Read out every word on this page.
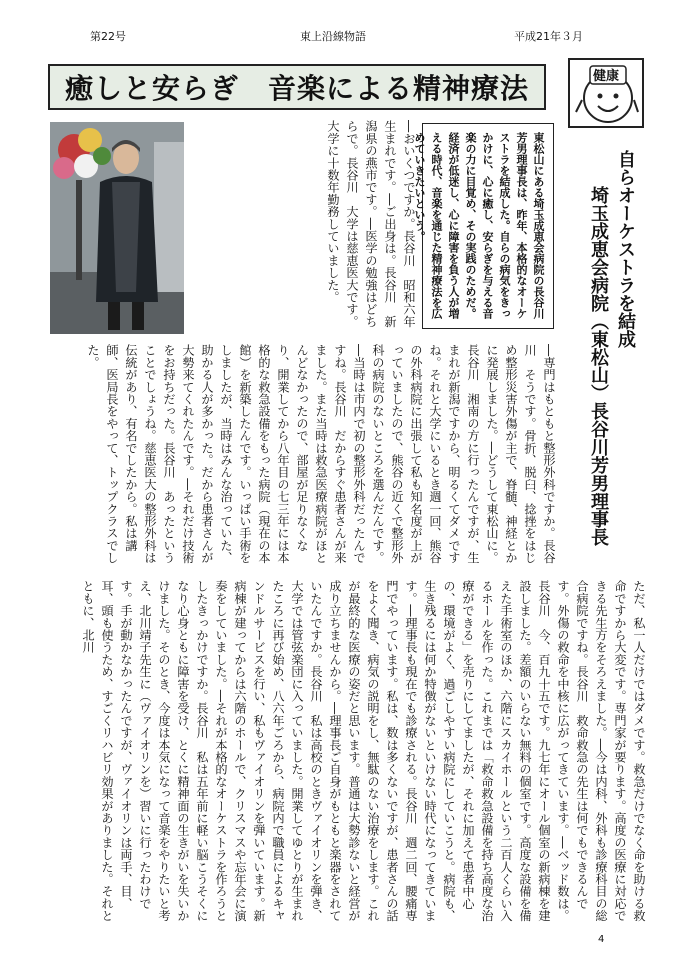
第22号	東上沿線物語	平成21年３月
癒しと安らぎ　音楽による精神療法	健康
自らオーケストラを結成
埼玉成恵会病院（東松山）長谷川芳男理事長
東松山にある埼玉成恵会病院の長谷川芳男理事長は、昨年、本格的なオーケストラを結成した。自らの病気をきっかけに、心に癒し、安らぎを与える音楽の力に目覚め、その実践のためだ。経済が低迷し、心に障害を負う人が増える時代、音楽を通じた精神療法を広めていきたいという。
―おいくつですか。長谷川　昭和六年生まれです。―ご出身は。長谷川　新潟県の燕市です。―医学の勉強はどちらで。長谷川　大学は慈恵医大です。大学に十数年勤務していました。
―専門はもともと整形外科ですか。長谷川　そうです。骨折、脱臼、捻挫をはじめ整形災害外傷が主で、脊髄、神経とかに発展しました。―どうして東松山に。長谷川　湘南の方に行ったんですが、生まれが新潟ですから、明るくてダメですね。それと大学にいるとき週一回、熊谷の外科病院に出張して私も知名度が上がっていましたので、熊谷の近くで整形外科の病院のないところを選んだんです。―当時は市内で初の整形外科だったんですね。長谷川　だからすぐ患者さんが来ました。また当時は救急医療病院がほとんどなかったので、部屋が足りなくなり、開業してから八年目の七三年には本格的な救急設備をもった病院（現在の本館）を新築したんです。いっぱい手術をしましたが、当時はみんな治っていた、助かる人が多かった。だから患者さんが大勢来てくれたんです。―それだけ技術をお持ちだった。長谷川　あったということでしょうね。慈恵医大の整形外科は伝統があり、有名でしたから。私は講師、医局長をやって、トップクラスでした。
ただ、私一人だけではダメです。救急だけでなく命を助ける救命ですから大変です。専門家が要ります。高度の医療に対応できる先生方をそろえました。―今は内科、外科も診療科目の総合病院ですね。長谷川　救命救急の先生は何でもできるんです。外傷の救命を中核に広がってきています。―ベッド数は。長谷川　今、百九十五です。九七年にオール個室の新病棟を建設しました。差額のいらない無料の個室です。高度な設備を備えた手術室のほか、六階にスカイホールという二百人くらい入るホールを作った。これまでは「救命救急設備を持ち高度な治療ができる」を売りにしてましたが、それに加えて患者中心の、環境がよく、過ごしやすい病院にしていこうと。病院も、生き残るには何か特徴がないといけない時代になってきています。―理事長も現在でも診療される。長谷川　週二回、腰痛専門でやっています。私は、数は多くないですが、患者さんの話をよく聞き、病気の説明をし、無駄のない治療をします。これが最終的な医療の姿だと思います。普通は大勢診ないと経営が成り立ちませんから。―理事長ご自身がもともと楽器をされていたんですか。長谷川　私は高校のときヴァイオリンを弾き、大学では管弦楽団に入っていました。開業してゆとりが生まれたころに再び始め、八六年ごろから、病院内で職員によるキャンドルサービスを行い、私もヴァイオリンを弾いています。新病棟が建ってからは六階のホールで、クリスマスや忘年会に演奏をしていました。―それが本格的なオーケストラを作ろうとしたきっかけですか。長谷川　私は五年前に軽い脳こうそくになり心身ともに障害を受け、とくに精神面の生きがいを失いかけました。そのとき、今度は本気になって音楽をやりたいと考え、北川靖子先生に（ヴァイオリンを）習いに行ったわけです。手が動かなかったんですが、ヴァイオリンは両手、目、耳、頭も使うため、すごくリハビリ効果がありました。それとともに、北川
4
